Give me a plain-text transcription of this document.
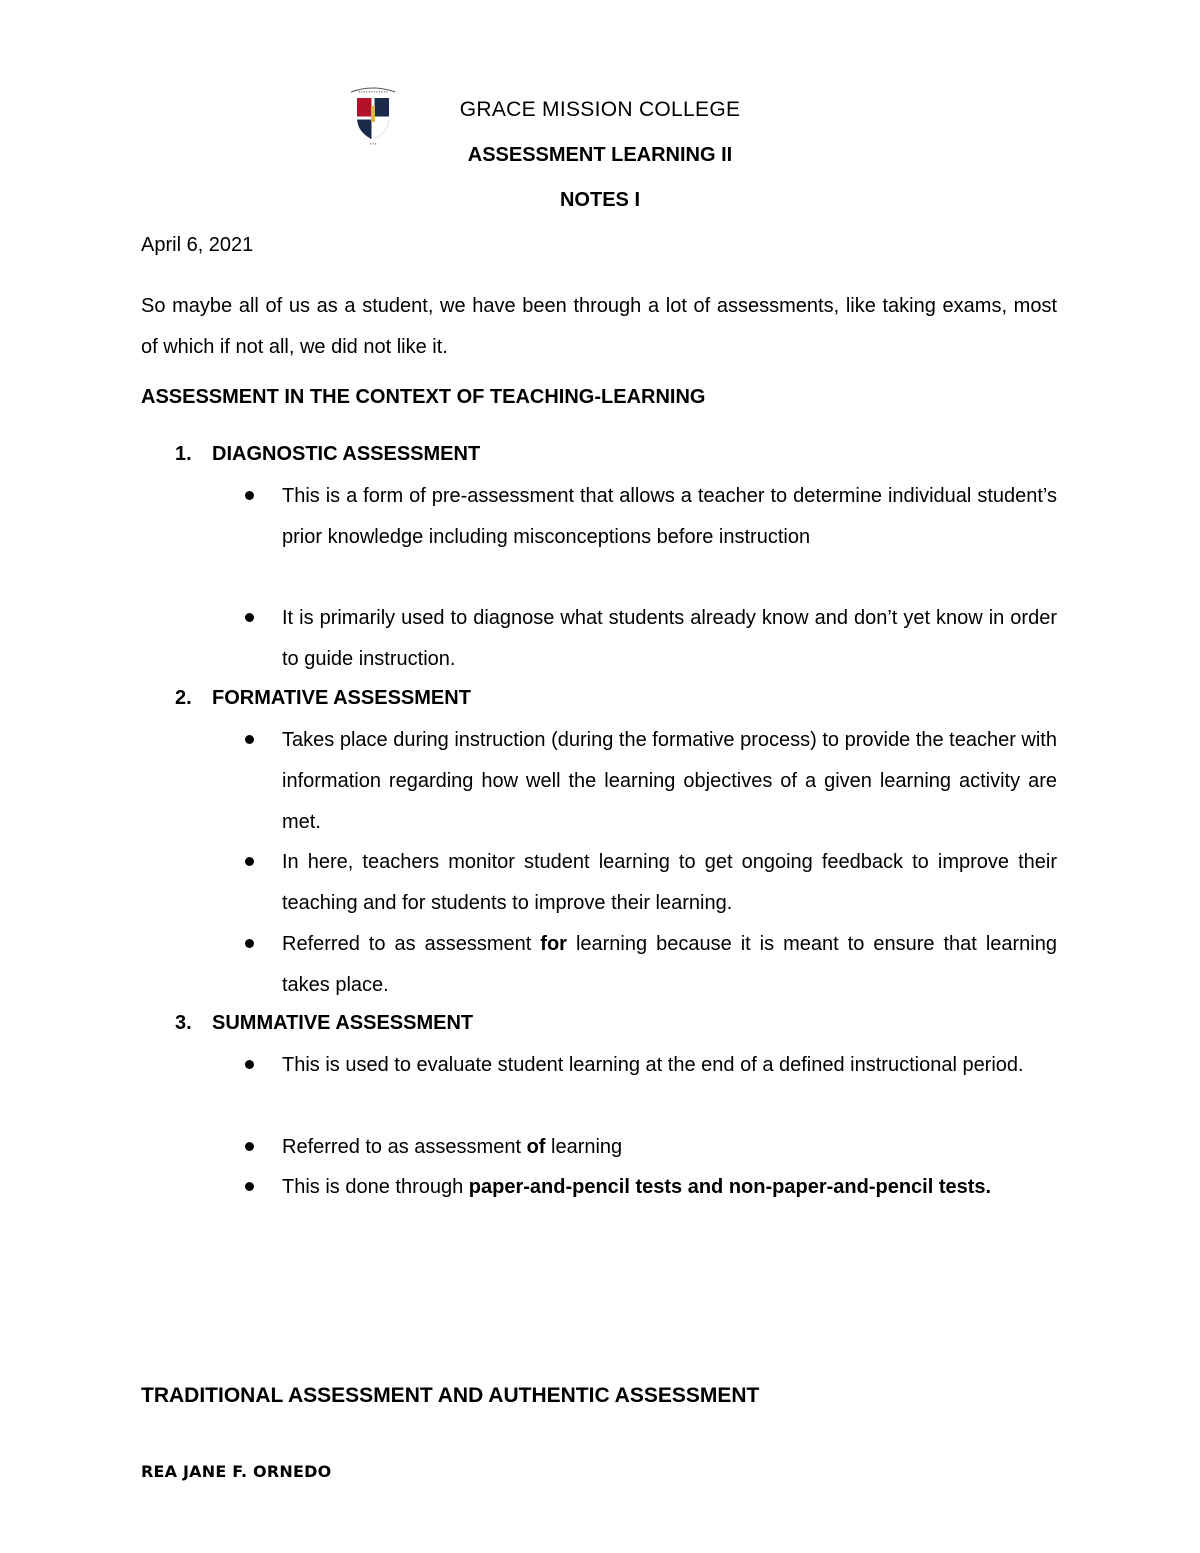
∙∙∙∙∙∙∙∙∙∙∙∙
∙∙∙
GRACE MISSION COLLEGE
ASSESSMENT LEARNING II
NOTES I
April 6, 2021
So maybe all of us as a student, we have been through a lot of assessments, like taking exams, most of which if not all, we did not like it.
ASSESSMENT IN THE CONTEXT OF TEACHING-LEARNING
1. DIAGNOSTIC ASSESSMENT
This is a form of pre-assessment that allows a teacher to determine individual student’s prior knowledge including misconceptions before instruction
It is primarily used to diagnose what students already know and don’t yet know in order to guide instruction.
2. FORMATIVE ASSESSMENT
Takes place during instruction (during the formative process) to provide the teacher with information regarding how well the learning objectives of a given learning activity are met.
In here, teachers monitor student learning to get ongoing feedback to improve their teaching and for students to improve their learning.
Referred to as assessment for learning because it is meant to ensure that learning takes place.
3. SUMMATIVE ASSESSMENT
This is used to evaluate student learning at the end of a defined instructional period.
Referred to as assessment of learning
This is done through paper-and-pencil tests and non-paper-and-pencil tests.
TRADITIONAL ASSESSMENT AND AUTHENTIC ASSESSMENT
REA JANE F. ORNEDO
